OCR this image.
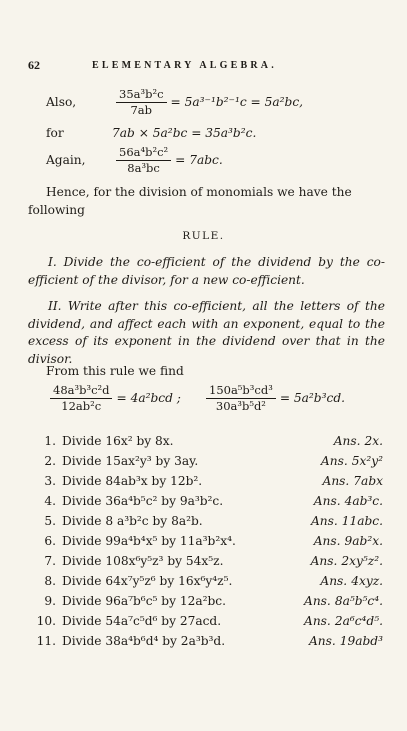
62	ELEMENTARY ALGEBRA.
Also,	$\frac{\text{35a³b²c}}{7ab} = 5a^{3-1}b^{2-1}c = 5a^2bc$,
for	7ab × 5a²bc = 35a³b²c.
Again,	$\frac{\text{56a⁴b²c²}}{\text{8a³bc}} = 7abc$.
Hence, for the division of monomials we have the following
RULE.
I. Divide the co-efficient of the dividend by the co-efficient of the divisor, for a new co-efficient.
II. Write after this co-efficient, all the letters of the dividend, and affect each with an exponent, equal to the excess of its exponent in the dividend over that in the divisor.
From this rule we find
$\frac{\text{48a³b³c²d}}{\text{12ab²c}} = 4a^2bcd$ ; $\frac{\text{150a⁵b³cd³}}{\text{30a³b⁵d²}} = 5a^2b^3cd$.
1. Divide 16x² by 8x.	Ans. 2x.
2. Divide 15ax²y³ by 3ay.	Ans. 5x²y²
3. Divide 84ab³x by 12b².	Ans. 7abx
4. Divide 36a⁴b⁵c² by 9a³b²c.	Ans. 4ab³c.
5. Divide 8 a³b²c by 8a²b.	Ans. 11abc.
6. Divide 99a⁴b⁴x⁵ by 11a³b²x⁴.	Ans. 9ab²x.
7. Divide 108x⁶y⁵z³ by 54x⁵z.	Ans. 2xy⁵z².
8. Divide 64x⁷y⁵z⁶ by 16x⁶y⁴z⁵.	Ans. 4xyz.
9. Divide 96a⁷b⁶c⁵ by 12a²bc.	Ans. 8a⁵b⁵c⁴.
10. Divide 54a⁷c⁵d⁶ by 27acd.	Ans. 2a⁶c⁴d⁵.
11. Divide 38a⁴b⁶d⁴ by 2a³b³d.	Ans. 19abd³
